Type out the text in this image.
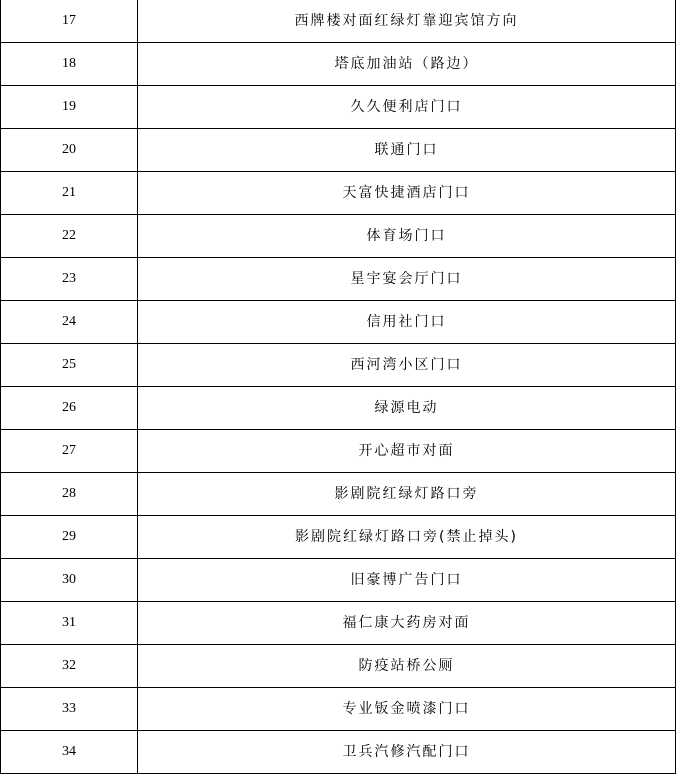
17	西牌楼对面红绿灯靠迎宾馆方向
18	塔底加油站（路边）
19	久久便利店门口
20	联通门口
21	天富快捷酒店门口
22	体育场门口
23	星宇宴会厅门口
24	信用社门口
25	西河湾小区门口
26	绿源电动
27	开心超市对面
28	影剧院红绿灯路口旁
29	影剧院红绿灯路口旁(禁止掉头)
30	旧豪博广告门口
31	福仁康大药房对面
32	防疫站桥公厕
33	专业钣金喷漆门口
34	卫兵汽修汽配门口
